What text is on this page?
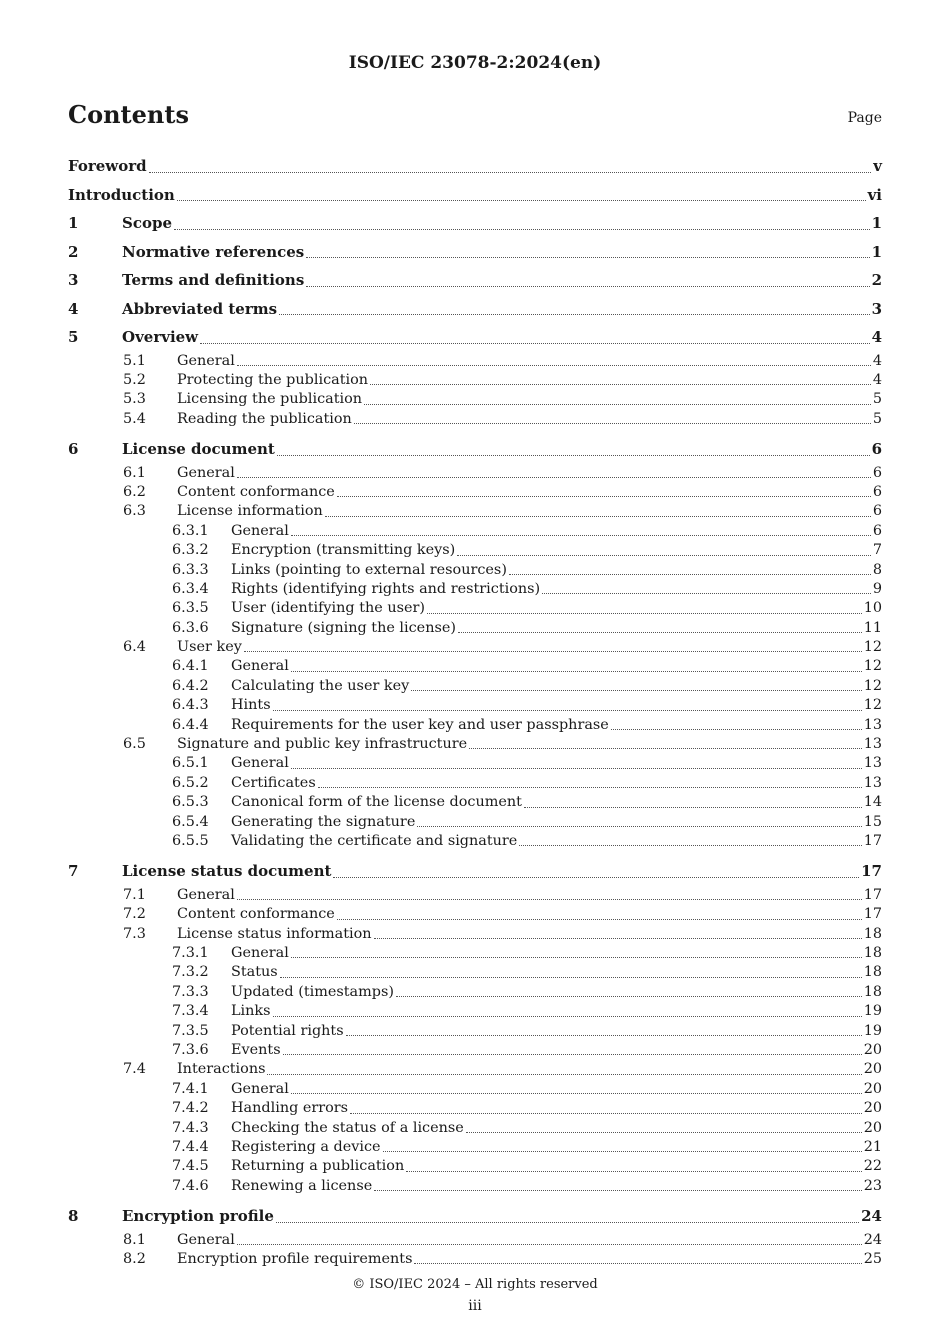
ISO/IEC 23078-2:2024(en)
Contents	Page
Foreword	v
Introduction	vi
1	Scope	1
2	Normative references	1
3	Terms and definitions	2
4	Abbreviated terms	3
5	Overview	4
5.1 General	4
5.2 Protecting the publication	4
5.3 Licensing the publication	5
5.4 Reading the publication	5
6	License document	6
6.1 General	6
6.2 Content conformance	6
6.3 License information	6
6.3.1 General	6
6.3.2 Encryption (transmitting keys)	7
6.3.3 Links (pointing to external resources)	8
6.3.4 Rights (identifying rights and restrictions)	9
6.3.5 User (identifying the user)	10
6.3.6 Signature (signing the license)	11
6.4 User key	12
6.4.1 General	12
6.4.2 Calculating the user key	12
6.4.3 Hints	12
6.4.4 Requirements for the user key and user passphrase	13
6.5 Signature and public key infrastructure	13
6.5.1 General	13
6.5.2 Certificates	13
6.5.3 Canonical form of the license document	14
6.5.4 Generating the signature	15
6.5.5 Validating the certificate and signature	17
7	License status document	17
7.1 General	17
7.2 Content conformance	17
7.3 License status information	18
7.3.1 General	18
7.3.2 Status	18
7.3.3 Updated (timestamps)	18
7.3.4 Links	19
7.3.5 Potential rights	19
7.3.6 Events	20
7.4 Interactions	20
7.4.1 General	20
7.4.2 Handling errors	20
7.4.3 Checking the status of a license	20
7.4.4 Registering a device	21
7.4.5 Returning a publication	22
7.4.6 Renewing a license	23
8	Encryption profile	24
8.1 General	24
8.2 Encryption profile requirements	25
© ISO/IEC 2024 – All rights reserved
iii
